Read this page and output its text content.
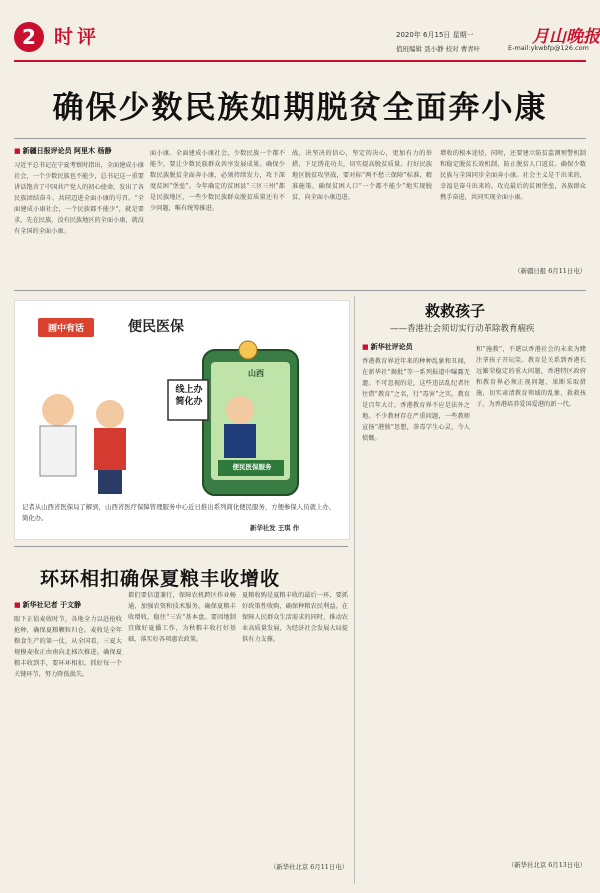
2 时评	2020年 6月15日 星期一
值班编辑 聂小静 校对 曹青叶
月山晚报
E-mail:ykwbfp@126.com
确保少数民族如期脱贫全面奔小康
■ 新疆日报评论员 阿里木 杨静
习近平总书记在宁夏考察时指出，全面建成小康社会，一个少数民族也不能少，总书记这一重要讲话饱含了中国共产党人的初心使命，发出了各民族团结奋斗、共同迈进全面小康的号召。“全面建成小康社会，一个民族都不能少”，就是要求，先在民族，没有民族地区的全面小康，就没有全国的全面小康。
面小康。全面建成小康社会，少数民族一个都不能少，要让少数民族群众共享发展成果。确保少数民族脱贫全面奔小康，必须持续发力，攻下深度贫困“堡垒”。今年确定的贫困县“三区三州”都是民族地区，一些少数民族群众脱贫质量还有不少问题，唯有统筹推进。
战，决坚决的信心，坚定的决心，更加有力的举措，下足绣花功夫，切实提高脱贫质量。打好民族地区脱贫攻坚战，要对标“两不愁三保障”标准，精准施策，确保贫困人口“一个都不能少”地实现脱贫，向全面小康迈进。
增收的根本途径，同时，还要建立防贫监测预警机制和稳定脱贫长效机制，防止脱贫人口返贫。确保少数民族与全国同步全面奔小康。社会主义是干出来的，幸福是奋斗出来的。攻克最后的贫困堡垒，各族群众携手奋进，共同实现全面小康。
（新疆日报 6月11日电）
画中有话	便民医保
线上办 简化办
山西
便民医保服务
记者从山西省医保局了解到，山西省医疗保障管理服务中心近日推出系列简化便民服务，方便参保人员就上办、简化办。
新华社发 王琪 作
救救孩子
——香港社会须切实行动革除教育痼疾
■ 新华社评论员
香港教育界近年来的种种乱象和丑闻，在新华社“揭批”等一系列报道中曝露无遗。不可忽视的是，这些违法乱纪者往往借“教育”之名，行“毒害”之实。教育是百年大计，香港教育界不应是法外之地。不少教材存在严重问题，一些教师宣扬“港独”思想，荼毒学生心灵，令人愤慨。
和“施教”，不堪以香港社会的未来为赌注拿孩子开玩笑。教育是关系到香港长远繁荣稳定的重大问题，香港特区政府和教育界必须正视问题，果断采取措施，切实肃清教育领域的乱象，救救孩子，为香港培养爱国爱港的新一代。
（新华社北京 6月13日电）
环环相扣确保夏粮丰收增收
■ 新华社记者 于文静
眼下正值麦收时节，各地全力以赴抢收抢种，确保夏粮颗粒归仓。麦收是全年粮食生产的第一仗，从全国看，三夏大规模麦收正由南向北梯次推进。确保夏粮丰收到手，要环环相扣，抓好每一个关键环节，努力降低损失。
都们要倍道兼行，保障农机跨区作业畅通，加强农资和技术服务，确保夏粮丰收增收，稳住“三农”基本盘。要因地制宜做好夏播工作，为秋粮丰收打好基础，落实好各项惠农政策。
夏粮收购是夏粮丰收的最后一环，要抓好政策性收购，确保种粮农民利益。在保障人民群众生活需求的同时，推动农业高质量发展，为经济社会发展大局提供有力支撑。
（新华社北京 6月11日电）
